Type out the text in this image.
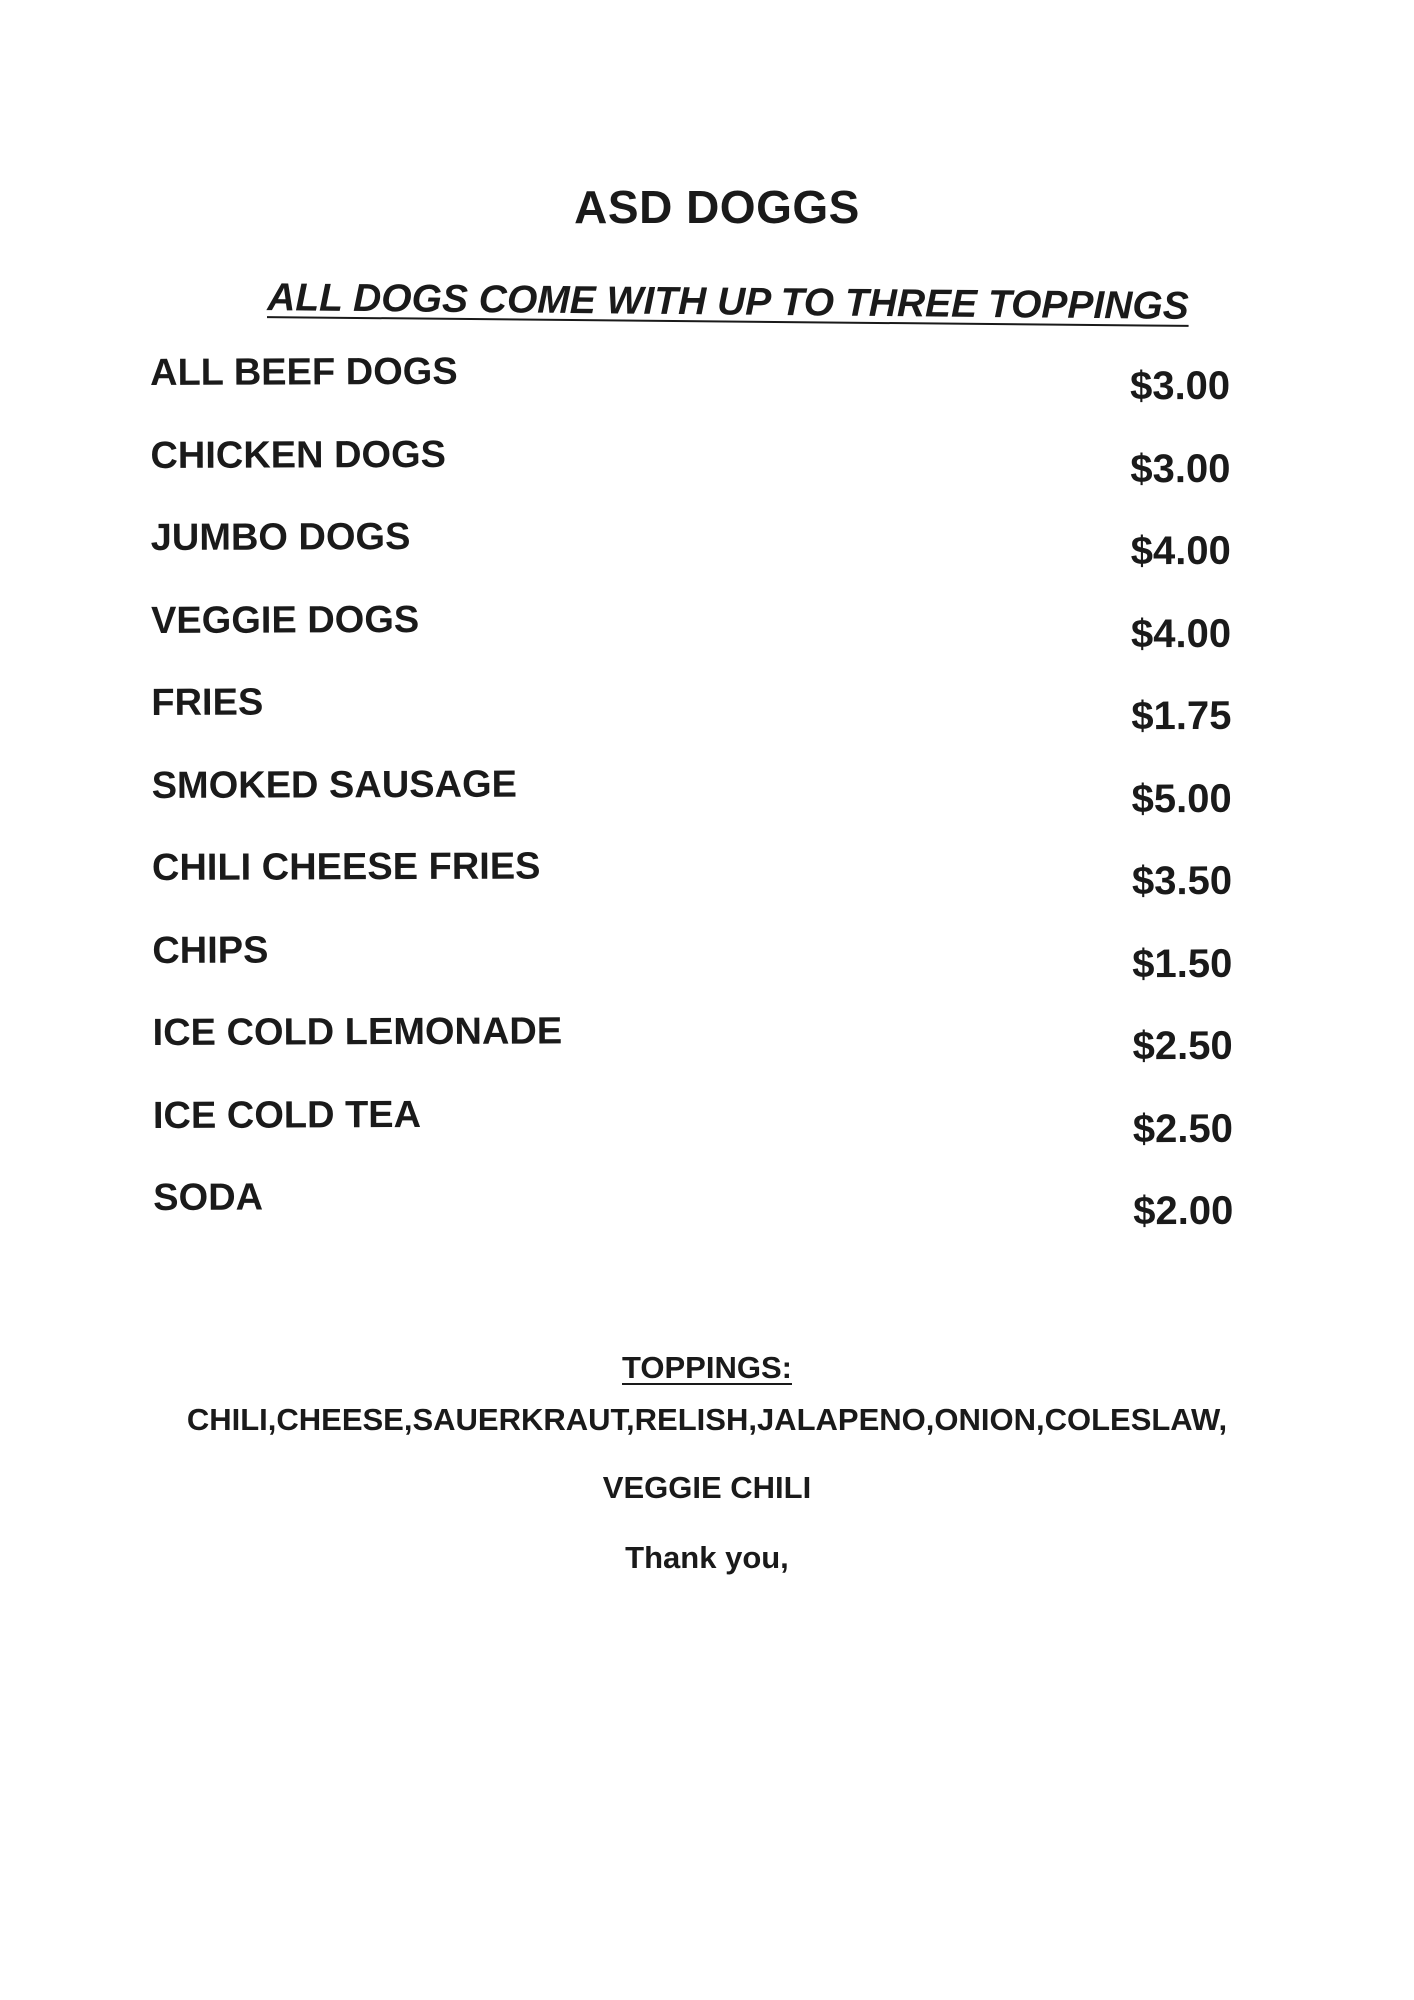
ASD DOGGS
ALL DOGS COME WITH UP TO THREE TOPPINGS
ALL BEEF DOGS	$3.00
CHICKEN DOGS	$3.00
JUMBO DOGS	$4.00
VEGGIE DOGS	$4.00
FRIES	$1.75
SMOKED SAUSAGE	$5.00
CHILI CHEESE FRIES	$3.50
CHIPS	$1.50
ICE COLD LEMONADE	$2.50
ICE COLD TEA	$2.50
SODA	$2.00
TOPPINGS:
CHILI,CHEESE,SAUERKRAUT,RELISH,JALAPENO,ONION,COLESLAW,
VEGGIE CHILI
Thank you,
